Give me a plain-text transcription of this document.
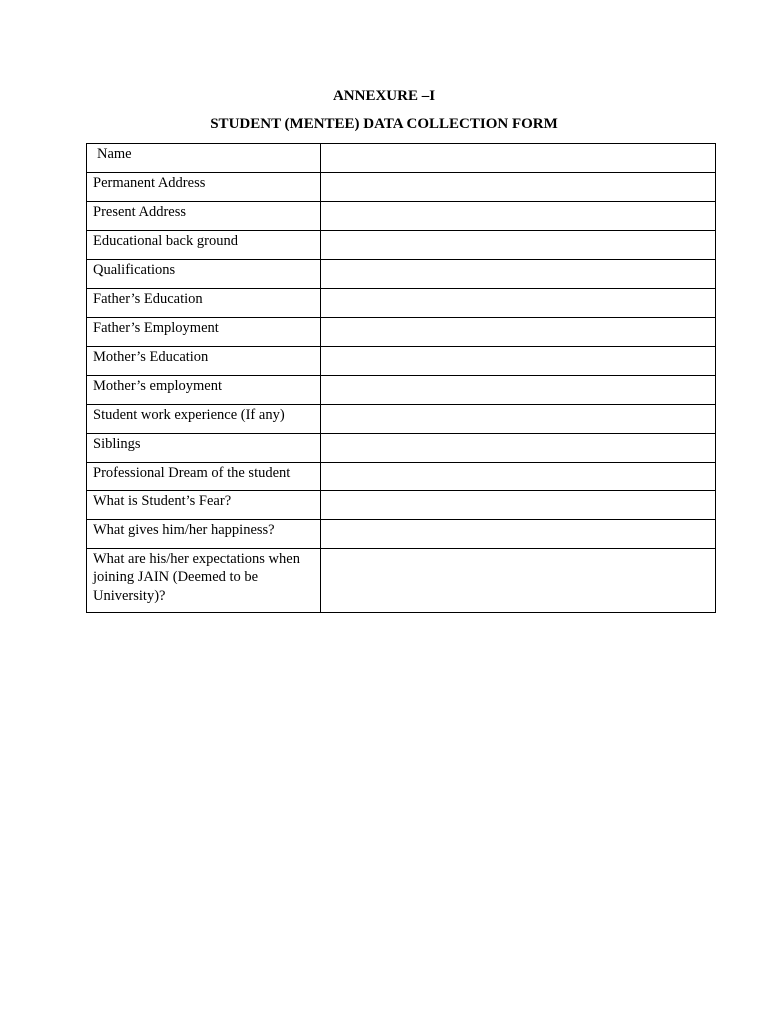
ANNEXURE –I
STUDENT (MENTEE) DATA COLLECTION FORM
Name	
Permanent Address	
Present Address	
Educational back ground	
Qualifications	
Father’s Education	
Father’s Employment	
Mother’s Education	
Mother’s employment	
Student work experience (If any)	
Siblings	
Professional Dream of the student	
What is Student’s Fear?	
What gives him/her happiness?	
What are his/her expectations when joining JAIN (Deemed to be University)?	
